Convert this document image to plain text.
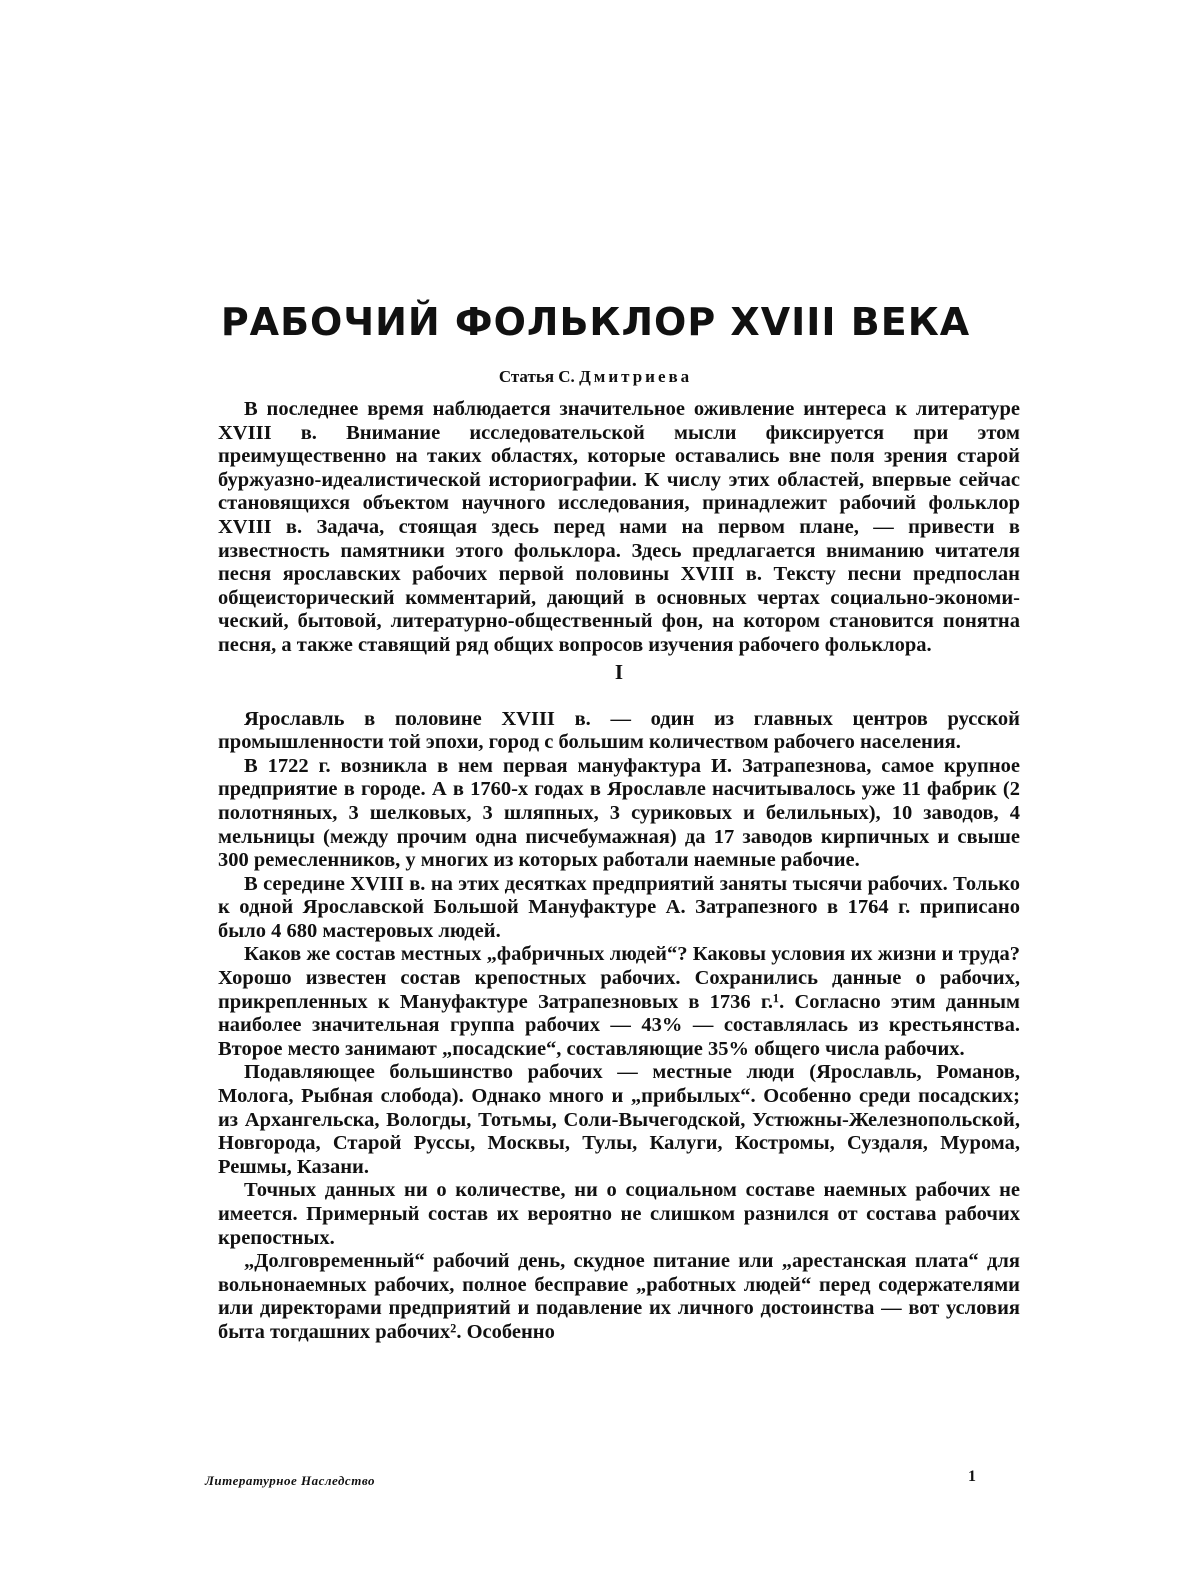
РАБОЧИЙ ФОЛЬКЛОР XVIII ВЕКА
Статья С. Дмитриева

В последнее время наблюдается значительное оживление интереса к литературе XVIII в. Внимание исследовательской мысли фиксируется при этом преимущественно на таких областях, которые оставались вне поля зрения старой буржуазно-идеалистической историографии. К числу этих областей, впервые сейчас становящихся объектом научного исследования, принадлежит рабочий фольклор XVIII в. Задача, стоящая здесь перед нами на первом плане, — привести в известность памятники этого фольклора. Здесь предлагается вниманию читателя песня ярославских рабочих первой половины XVIII в. Тексту песни предпослан общеисторический комментарий, дающий в основных чертах социально-экономический, бытовой, литературно-общественный фон, на котором становится понятна песня, а также ставящий ряд общих вопросов изучения рабочего фольклора.

I

Ярославль в половине XVIII в. — один из главных центров русской промышленности той эпохи, город с большим количеством рабочего населения.

В 1722 г. возникла в нем первая мануфактура И. Затрапезнова, самое крупное предприятие в городе. А в 1760-х годах в Ярославле насчитывалось уже 11 фабрик (2 полотняных, 3 шелковых, 3 шляпных, 3 суриковых и белильных), 10 заводов, 4 мельницы (между прочим одна писчебумажная) да 17 заводов кирпичных и свыше 300 ремесленников, у многих из которых работали наемные рабочие.

В середине XVIII в. на этих десятках предприятий заняты тысячи рабочих. Только к одной Ярославской Большой Мануфактуре А. Затрапезного в 1764 г. приписано было 4 680 мастеровых людей.

Каков же состав местных „фабричных людей“? Каковы условия их жизни и труда? Хорошо известен состав крепостных рабочих. Сохранились данные о рабочих, прикрепленных к Мануфактуре Затрапезновых в 1736 г.¹. Согласно этим данным наиболее значительная группа рабочих — 43% — составлялась из крестьянства. Второе место занимают „посадские“, составляющие 35% общего числа рабочих.

Подавляющее большинство рабочих — местные люди (Ярославль, Романов, Молога, Рыбная слобода). Однако много и „прибылых“. Особенно среди посадских; из Архангельска, Вологды, Тотьмы, Соли-Вычегодской, Устюжны-Железнопольской, Новгорода, Старой Руссы, Москвы, Тулы, Калуги, Костромы, Суздаля, Мурома, Решмы, Казани.

Точных данных ни о количестве, ни о социальном составе наемных рабочих не имеется. Примерный состав их вероятно не слишком разнился от состава рабочих крепостных.

„Долговременный“ рабочий день, скудное питание или „арестанская плата“ для вольнонаемных рабочих, полное бесправие „работных людей“ перед содержателями или директорами предприятий и подавление их личного достоинства — вот условия быта тогдашних рабочих². Особенно

Литературное Наследство	1
